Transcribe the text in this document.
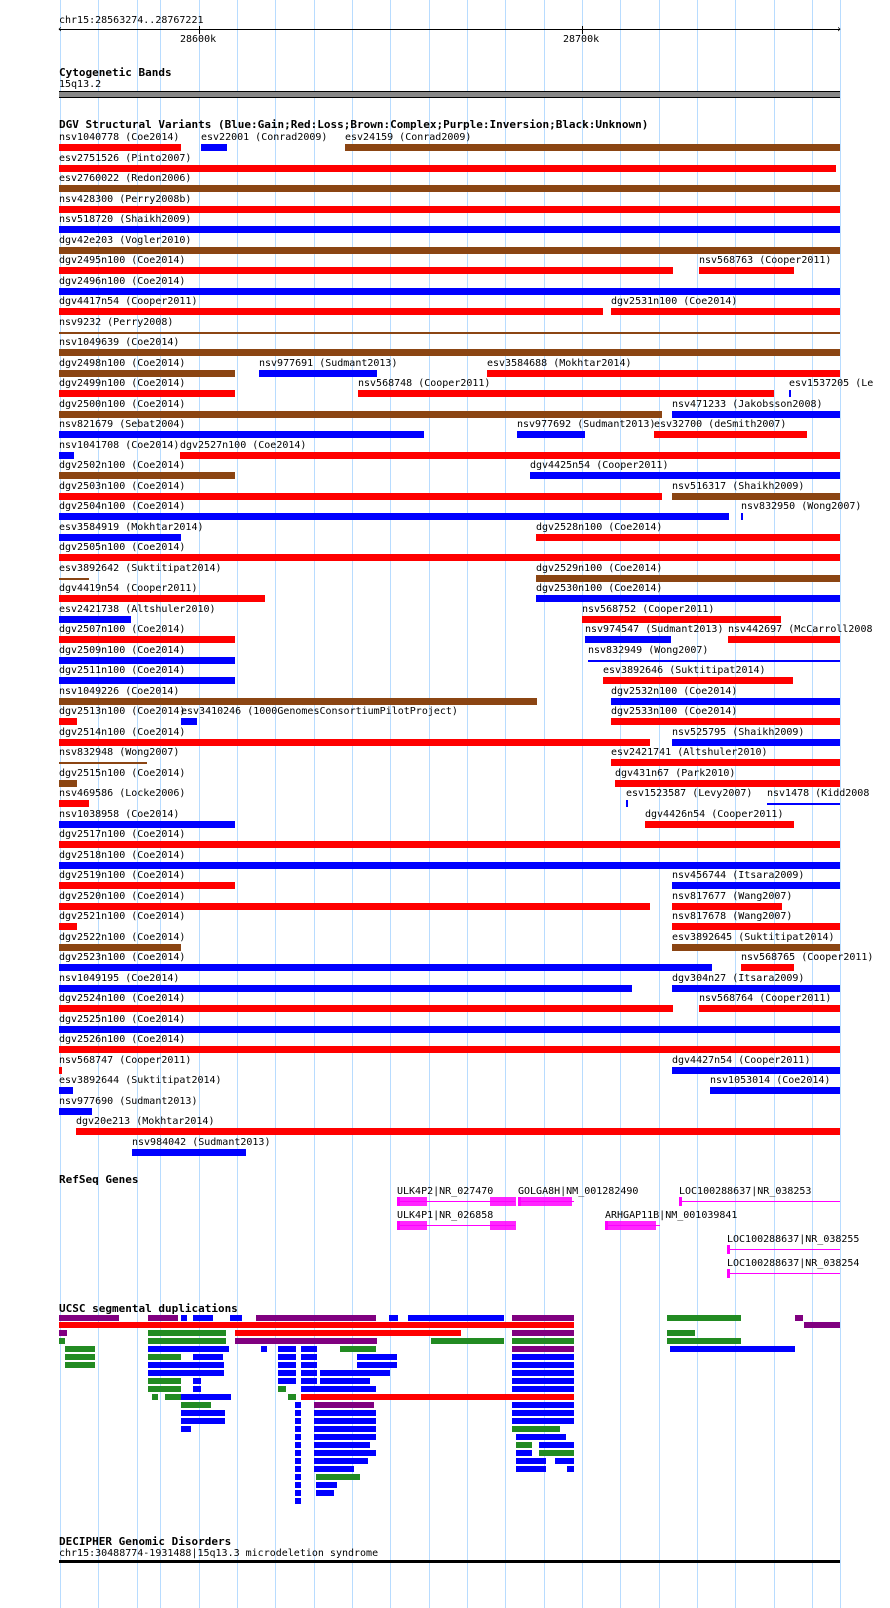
chr15:28563274..28767221
‹	›
28600k	28700k
Cytogenetic Bands
15q13.2
DGV Structural Variants (Blue:Gain;Red:Loss;Brown:Complex;Purple:Inversion;Black:Unknown)
nsv1040778 (Coe2014) esv22001 (Conrad2009) esv24159 (Conrad2009)
esv2751526 (Pinto2007)
esv2760022 (Redon2006)
nsv428300 (Perry2008b)
nsv518720 (Shaikh2009)
dgv42e203 (Vogler2010)
dgv2495n100 (Coe2014)	nsv568763 (Cooper2011)
dgv2496n100 (Coe2014)
dgv4417n54 (Cooper2011)	dgv2531n100 (Coe2014)
nsv9232 (Perry2008)
nsv1049639 (Coe2014)
dgv2498n100 (Coe2014)	nsv977691 (Sudmant2013)	esv3584688 (Mokhtar2014)
dgv2499n100 (Coe2014)	nsv568748 (Cooper2011)	esv1537205 (Le
dgv2500n100 (Coe2014)	nsv471233 (Jakobsson2008)
nsv821679 (Sebat2004)	nsv977692 (Sudmant2013)
esv32700 (deSmith2007)
nsv1041708 (Coe2014) dgv2527n100 (Coe2014)
dgv2502n100 (Coe2014)	dgv4425n54 (Cooper2011)
dgv2503n100 (Coe2014)	nsv516317 (Shaikh2009)
dgv2504n100 (Coe2014)	nsv832950 (Wong2007)
esv3584919 (Mokhtar2014)	dgv2528n100 (Coe2014)
dgv2505n100 (Coe2014)
esv3892642 (Suktitipat2014)	dgv2529n100 (Coe2014)
dgv4419n54 (Cooper2011)	dgv2530n100 (Coe2014)
esv2421738 (Altshuler2010)	nsv568752 (Cooper2011)
dgv2507n100 (Coe2014)	nsv974547 (Sudmant2013) nsv442697 (McCarroll2008
dgv2509n100 (Coe2014)	nsv832949 (Wong2007)
dgv2511n100 (Coe2014)	esv3892646 (Suktitipat2014)
nsv1049226 (Coe2014)	dgv2532n100 (Coe2014)
dgv2513n100 (Coe2014)
esv3410246 (1000GenomesConsortiumPilotProject)	dgv2533n100 (Coe2014)
dgv2514n100 (Coe2014)	nsv525795 (Shaikh2009)
nsv832948 (Wong2007)	esv2421741 (Altshuler2010)
dgv2515n100 (Coe2014)	dgv431n67 (Park2010)
nsv469586 (Locke2006)	esv1523587 (Levy2007) nsv1478 (Kidd2008
nsv1038958 (Coe2014)	dgv4426n54 (Cooper2011)
dgv2517n100 (Coe2014)
dgv2518n100 (Coe2014)
dgv2519n100 (Coe2014)	nsv456744 (Itsara2009)
dgv2520n100 (Coe2014)	nsv817677 (Wang2007)
dgv2521n100 (Coe2014)	nsv817678 (Wang2007)
dgv2522n100 (Coe2014)	esv3892645 (Suktitipat2014)
dgv2523n100 (Coe2014)	nsv568765 (Cooper2011)
nsv1049195 (Coe2014)	dgv304n27 (Itsara2009)
dgv2524n100 (Coe2014)	nsv568764 (Cooper2011)
dgv2525n100 (Coe2014)
dgv2526n100 (Coe2014)
nsv568747 (Cooper2011)	dgv4427n54 (Cooper2011)
esv3892644 (Suktitipat2014)	nsv1053014 (Coe2014)
nsv977690 (Sudmant2013)
dgv20e213 (Mokhtar2014)
nsv984042 (Sudmant2013)
RefSeq Genes
ULK4P2|NR_027470 GOLGA8H|NM_001282490	LOC100288637|NR_038253
ULK4P1|NR_026858	ARHGAP11B|NM_001039841
LOC100288637|NR_038255
LOC100288637|NR_038254
UCSC segmental duplications
DECIPHER Genomic Disorders
chr15:30488774-1931488|15q13.3 microdeletion syndrome
